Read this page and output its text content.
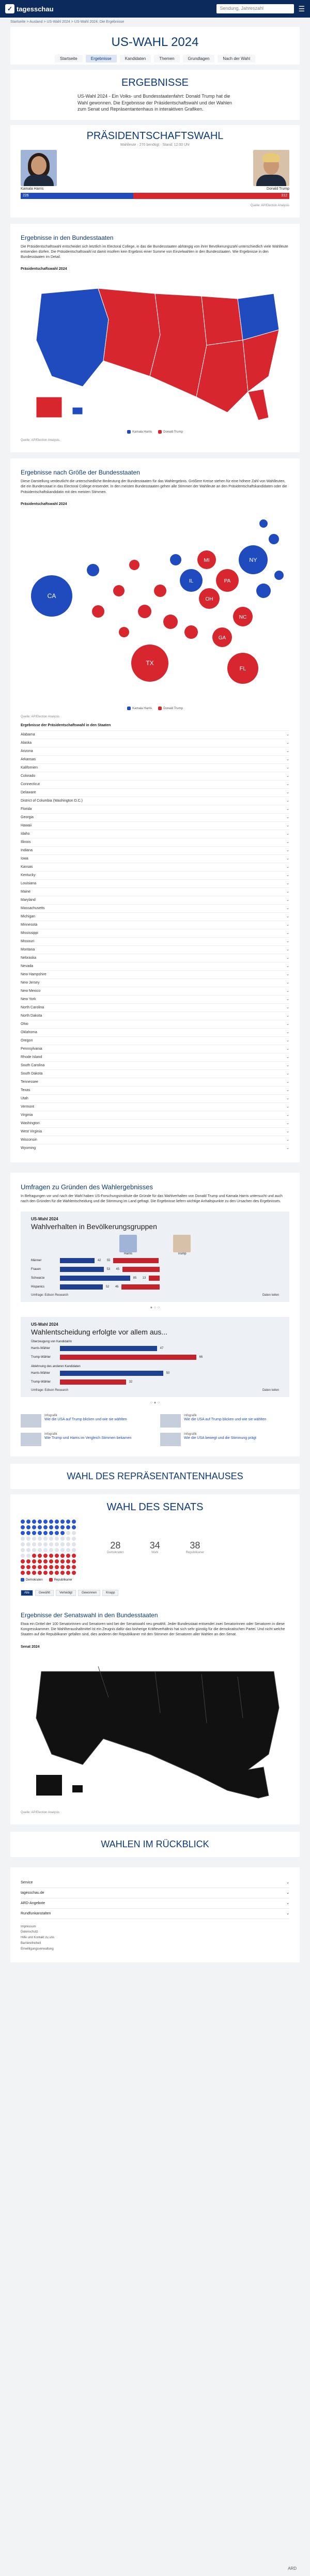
✓ tagesschau	Sendung, Jahreszahl	☰
Startseite > Ausland > US-Wahl 2024 > US-Wahl 2024: Die Ergebnisse
US-WAHL 2024
Startseite	Ergebnisse	Kandidaten	Themen	Grundlagen	Nach der Wahl
ERGEBNISSE

US-Wahl 2024 - Ein Volks- und Bundesstaatenfahrt: Donald Trump hat die Wahl gewonnen. Die Ergebnisse der Präsidentschaftswahl und der Wahlen zum Senat und Repräsentantenhaus in interaktiven Grafiken.

PRÄSIDENTSCHAFTSWAHL
Wahlleute · 270 benötigt · Stand: 12:00 Uhr
Kamala Harris	Donald Trump
226	312
Quelle: AP/Election Analysis
Ergebnisse in den Bundesstaaten

Die Präsidentschaftswahl entscheidet sich letztlich im Electoral College, in das die Bundesstaaten abhängig von ihrer Bevölkerungszahl unterschiedlich viele Wahlleute entsenden dürfen. Die Präsidentschaftswahl ist damit insofern kein Ergebnis einer Summe von Einzelwahlen in den Bundesstaaten. Wie Ergebnisse in den Bundesstaaten im Detail.

Präsidentschaftswahl 2024
Kamala Harris	Donald Trump
Quelle: AP/Election Analysis
Ergebnisse nach Größe der Bundesstaaten

Diese Darstellung verdeutlicht die unterschiedliche Bedeutung der Bundesstaaten für das Wahlergebnis. Größere Kreise stehen für eine höhere Zahl von Wahlleuten, die ein Bundesstaat in das Electoral College entsendet. In den meisten Bundesstaaten gehen alle Stimmen der Wahlleute an den Präsidentschaftskandidaten oder die Präsidentschaftskandidatin mit den meisten Stimmen.

Präsidentschaftswahl 2024
CA
TX
FL
NY
PA
IL
OH
GA
NC
MI
Kamala Harris	Donald Trump
Quelle: AP/Election Analysis
Ergebnisse der Präsidentschaftswahl in den Staaten
Alabama	⌄
Alaska	⌄
Arizona	⌄
Arkansas	⌄
Kalifornien	⌄
Colorado	⌄
Connecticut	⌄
Delaware	⌄
District of Columbia (Washington D.C.)	⌄
Florida	⌄
Georgia	⌄
Hawaii	⌄
Idaho	⌄
Illinois	⌄
Indiana	⌄
Iowa	⌄
Kansas	⌄
Kentucky	⌄
Louisiana	⌄
Maine	⌄
Maryland	⌄
Massachusetts	⌄
Michigan	⌄
Minnesota	⌄
Mississippi	⌄
Missouri	⌄
Montana	⌄
Nebraska	⌄
Nevada	⌄
New Hampshire	⌄
New Jersey	⌄
New Mexico	⌄
New York	⌄
North Carolina	⌄
North Dakota	⌄
Ohio	⌄
Oklahoma	⌄
Oregon	⌄
Pennsylvania	⌄
Rhode Island	⌄
South Carolina	⌄
South Dakota	⌄
Tennessee	⌄
Texas	⌄
Utah	⌄
Vermont	⌄
Virginia	⌄
Washington	⌄
West Virginia	⌄
Wisconsin	⌄
Wyoming	⌄
Umfragen zu Gründen des Wahlergebnisses

In Befragungen vor und nach der Wahl haben US-Forschungsinstitute die Gründe für das Wahlverhalten von Donald Trump und Kamala Harris untersucht und auch nach den Gründen für die Wahlentscheidung und die Stimmung im Land gefragt. Die Ergebnisse liefern wichtige Anhaltspunkte zu den Ursachen des Ergebnisses.

US-Wahl 2024
Wahlverhalten in Bevölkerungsgruppen
Harris	Trump
Männer	42	55
Frauen	53	45
Schwarze	85	13
Hispanics	52	46
Umfrage: Edison Research	Daten teilen
● ○ ○
US-Wahl 2024
Wahlentscheidung erfolgte vor allem aus...
Überzeugung von Kandidat/in
Harris-Wähler	47
Trump-Wähler	66
Ablehnung des anderen Kandidaten
Harris-Wähler	50
Trump-Wähler	32
Umfrage: Edison Research	Daten teilen
○ ● ○
Infografik
Wie die USA auf Trump blicken und wie sie wählten
Infografik
Wie die USA auf Trump blicken und wie sie wählten
Infografik
Wie Trump und Harris im Vergleich Stimmen bekamen
Infografik
Wie die USA bewegt und die Stimmung prägt
WAHL DES REPRÄSENTANTENHAUSES
WAHL DES SENATS
28
Demokraten
34
Wahl
38
Republikaner
Demokraten	Republikaner
Alle	Gewählt	Verteidigt	Gewonnen	Knapp
Ergebnisse der Senatswahl in den Bundesstaaten

Etwa ein Drittel der 100 Senatorinnen und Senatoren wird bei der Senatswahl neu gewählt. Jeder Bundesstaat entsendet zwei Senatorinnen oder Senatoren in diese Kongresskammer. Die Wahlheraushaltmittel ist ein Zeugnis dafür das bisherige Kräfteverhältnis hat sich sehr günstig für die demokratischen Partei. Und nicht welche Staaten auf die Republikaner gefallen sind, dies anderen der Republikaner mit den Stimmen der Senatoren aller Wahlen an den Senat.

Senat 2024
Quelle: AP/Election Analysis
ARD
WAHLEN IM RÜCKBLICK
Service	⌄
tagesschau.de	⌄
ARD-Angebote	⌄
Rundfunkanstalten	⌄
Impressum
Datenschutz
Hilfe und Kontakt zu uns
Barrierefreiheit
Einwilligungsverwaltung
